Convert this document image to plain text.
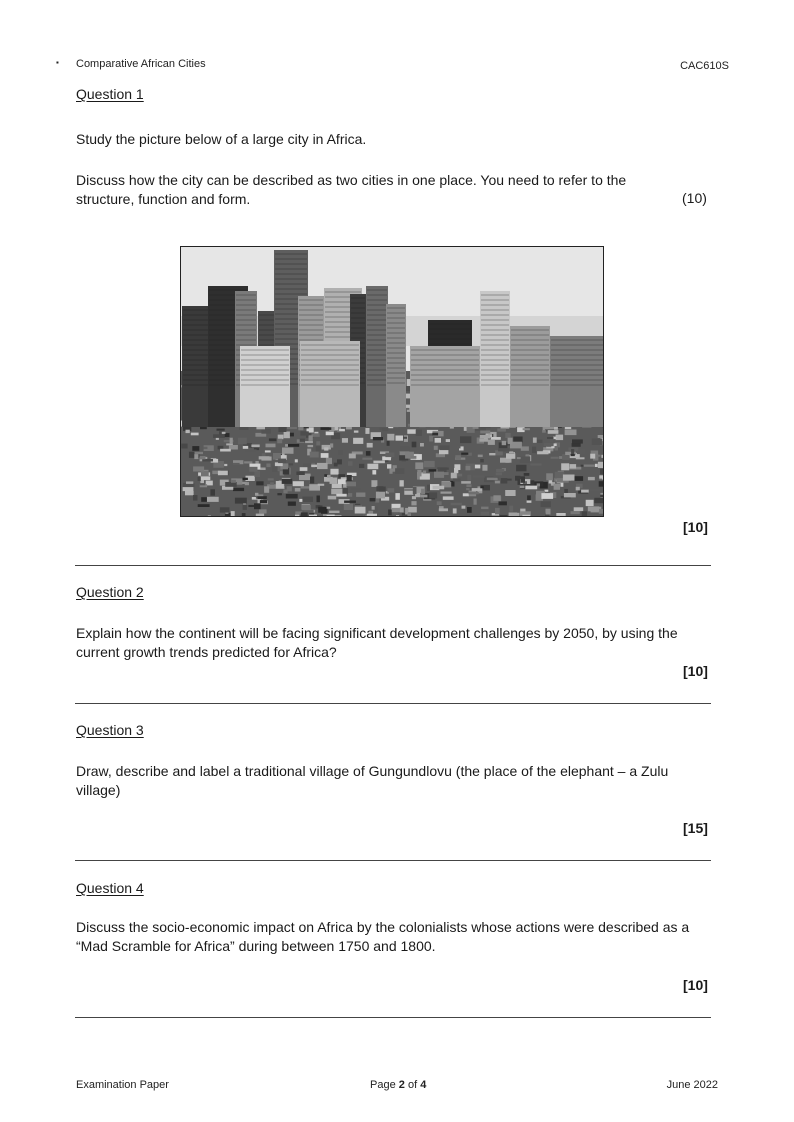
▪ Comparative African Cities	CAC610S
Question 1
Study the picture below of a large city in Africa.
Discuss how the city can be described as two cities in one place. You need to refer to the structure, function and form.	(10)
[10]
Question 2
Explain how the continent will be facing significant development challenges by 2050, by using the current growth trends predicted for Africa?
[10]
Question 3
Draw, describe and label a traditional village of Gungundlovu (the place of the elephant – a Zulu village)
[15]
Question 4
Discuss the socio-economic impact on Africa by the colonialists whose actions were described as a “Mad Scramble for Africa” during between 1750 and 1800.
[10]
Examination Paper	Page 2 of 4	June 2022
